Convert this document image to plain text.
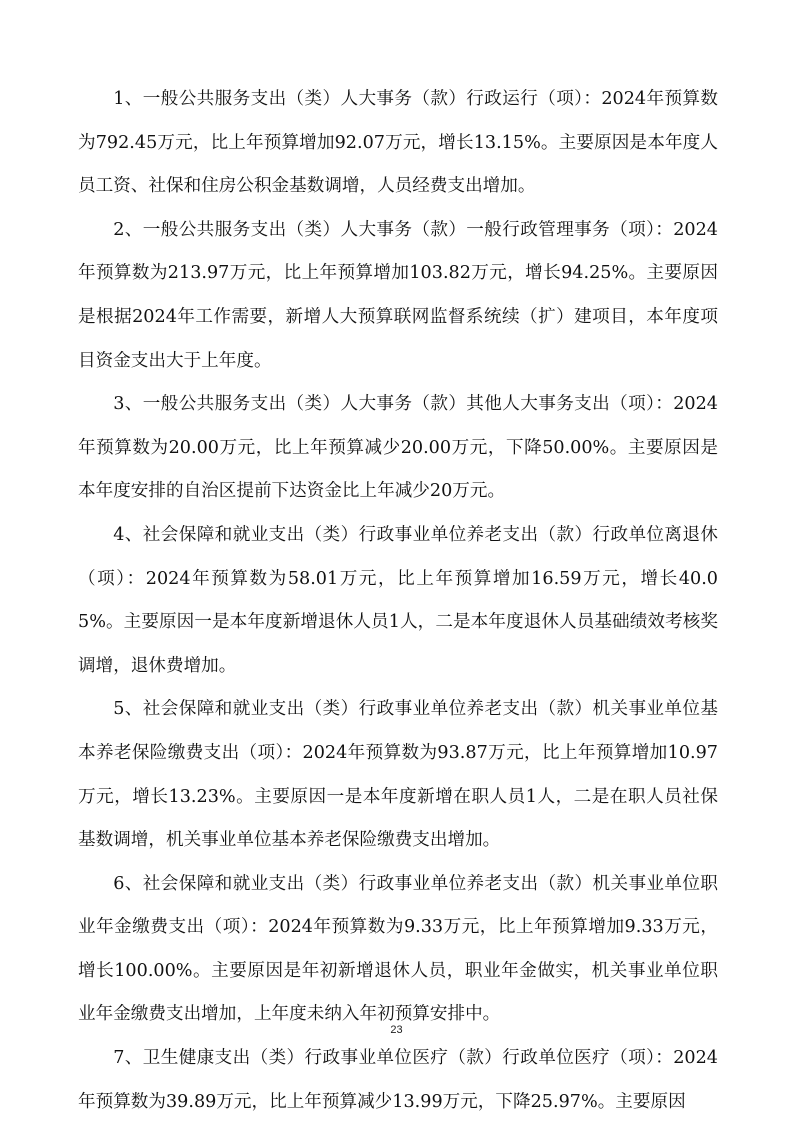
1、一般公共服务支出（类）人大事务（款）行政运行（项）：2024年预算数为792.45万元，比上年预算增加92.07万元，增长13.15%。主要原因是本年度人员工资、社保和住房公积金基数调增，人员经费支出增加。

2、一般公共服务支出（类）人大事务（款）一般行政管理事务（项）：2024年预算数为213.97万元，比上年预算增加103.82万元，增长94.25%。主要原因是根据2024年工作需要，新增人大预算联网监督系统续（扩）建项目，本年度项目资金支出大于上年度。

3、一般公共服务支出（类）人大事务（款）其他人大事务支出（项）：2024年预算数为20.00万元，比上年预算减少20.00万元，下降50.00%。主要原因是本年度安排的自治区提前下达资金比上年减少20万元。

4、社会保障和就业支出（类）行政事业单位养老支出（款）行政单位离退休（项）：2024年预算数为58.01万元，比上年预算增加16.59万元，增长40.05%。主要原因一是本年度新增退休人员1人，二是本年度退休人员基础绩效考核奖调增，退休费增加。

5、社会保障和就业支出（类）行政事业单位养老支出（款）机关事业单位基本养老保险缴费支出（项）：2024年预算数为93.87万元，比上年预算增加10.97万元，增长13.23%。主要原因一是本年度新增在职人员1人，二是在职人员社保基数调增，机关事业单位基本养老保险缴费支出增加。

6、社会保障和就业支出（类）行政事业单位养老支出（款）机关事业单位职业年金缴费支出（项）：2024年预算数为9.33万元，比上年预算增加9.33万元，增长100.00%。主要原因是年初新增退休人员，职业年金做实，机关事业单位职业年金缴费支出增加，上年度未纳入年初预算安排中。

7、卫生健康支出（类）行政事业单位医疗（款）行政单位医疗（项）：2024年预算数为39.89万元，比上年预算减少13.99万元，下降25.97%。主要原因

23
